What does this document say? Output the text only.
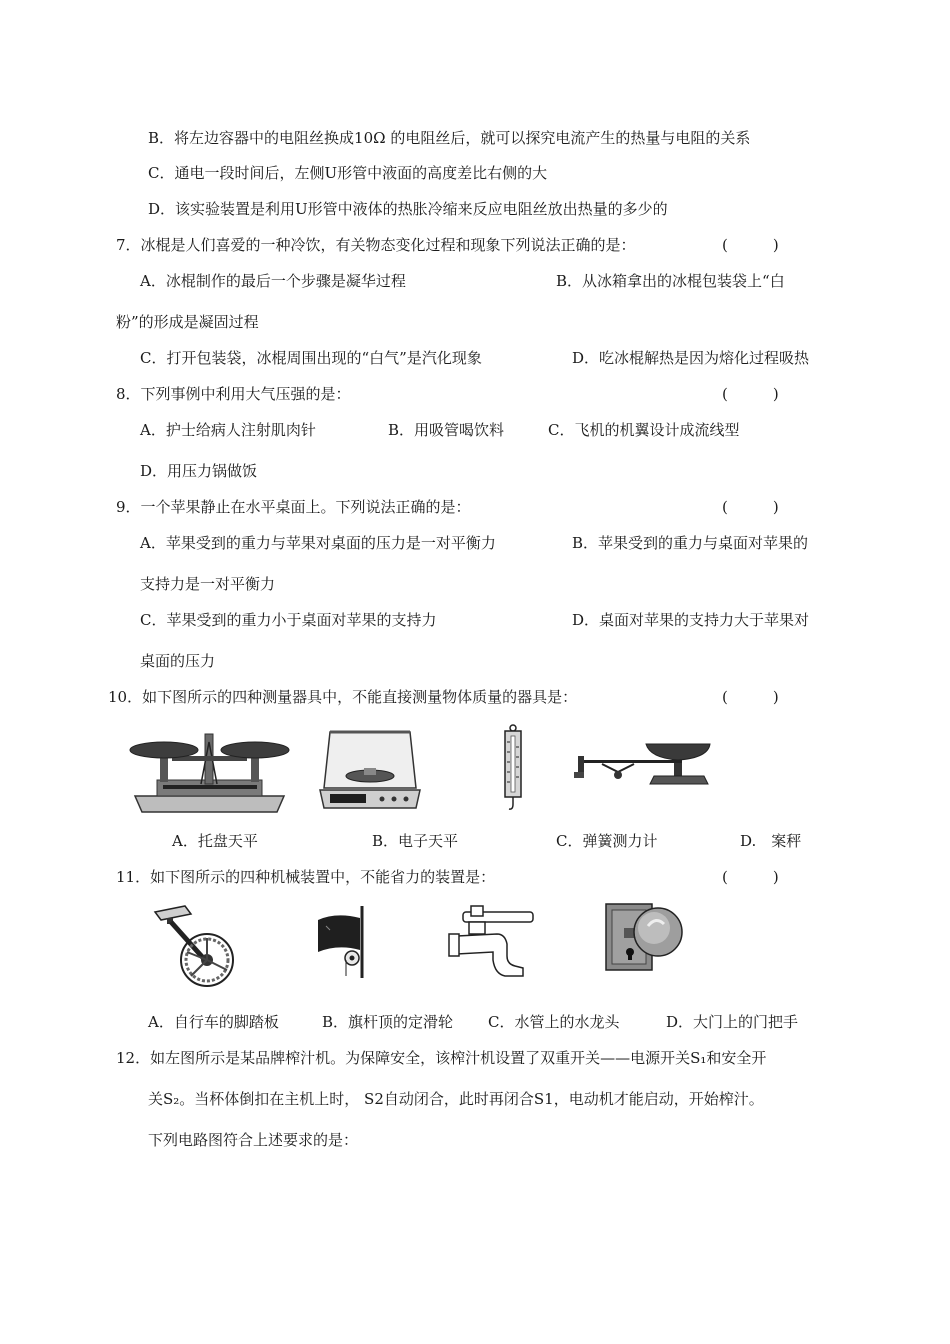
B．将左边容器中的电阻丝换成10Ω 的电阻丝后，就可以探究电流产生的热量与电阻的关系
C．通电一段时间后，左侧U形管中液面的高度差比右侧的大
D．该实验装置是利用U形管中液体的热胀冷缩来反应电阻丝放出热量的多少的
7．冰棍是人们喜爱的一种冷饮，有关物态变化过程和现象下列说法正确的是：	(　　　)
A．冰棍制作的最后一个步骤是凝华过程	B．从冰箱拿出的冰棍包装袋上“白
粉”的形成是凝固过程
C．打开包装袋，冰棍周围出现的“白气”是汽化现象	D．吃冰棍解热是因为熔化过程吸热
8．下列事例中利用大气压强的是：	(　　　)
A．护士给病人注射肌肉针	B．用吸管喝饮料	C．飞机的机翼设计成流线型
D．用压力锅做饭
9．一个苹果静止在水平桌面上。下列说法正确的是：	(　　　)
A．苹果受到的重力与苹果对桌面的压力是一对平衡力	B．苹果受到的重力与桌面对苹果的
支持力是一对平衡力
C．苹果受到的重力小于桌面对苹果的支持力	D．桌面对苹果的支持力大于苹果对
桌面的压力
10．如下图所示的四种测量器具中，不能直接测量物体质量的器具是：	(　　　)
A．托盘天平	B．电子天平	C．弹簧测力计	D.　案秤
11．如下图所示的四种机械装置中，不能省力的装置是：	(　　　)
A．自行车的脚踏板	B．旗杆顶的定滑轮 C．水管上的水龙头	D．大门上的门把手
12．如左图所示是某品牌榨汁机。为保障安全，该榨汁机设置了双重开关——电源开关S₁和安全开
关S₂。当杯体倒扣在主机上时， S2自动闭合，此时再闭合S1，电动机才能启动，开始榨汁。
下列电路图符合上述要求的是：
